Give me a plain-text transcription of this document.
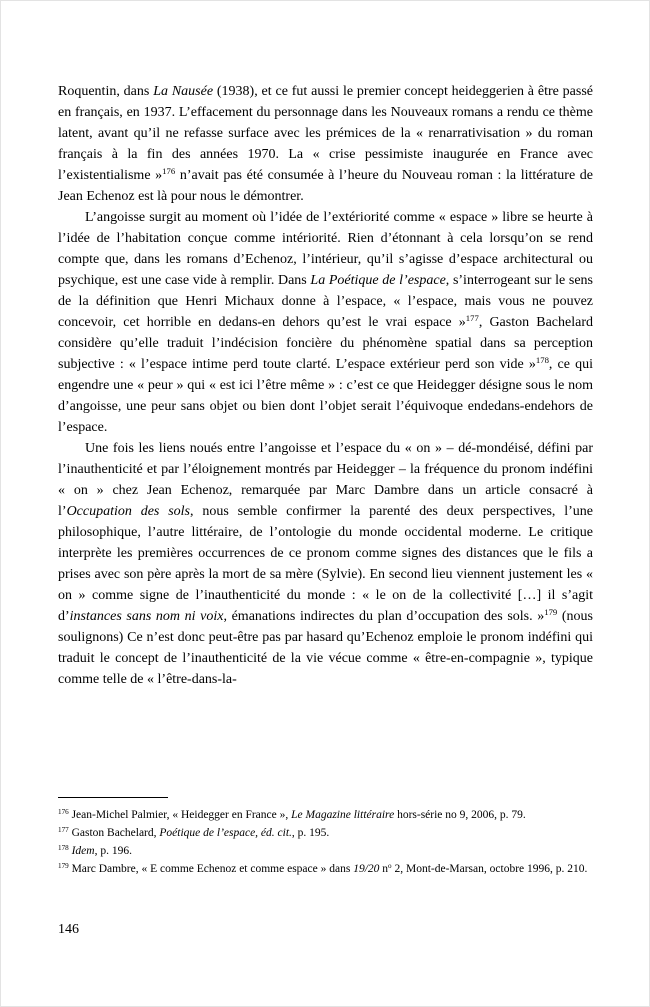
Roquentin, dans La Nausée (1938), et ce fut aussi le premier concept heideggerien à être passé en français, en 1937. L’effacement du personnage dans les Nouveaux romans a rendu ce thème latent, avant qu’il ne refasse surface avec les prémices de la « renarrativisation » du roman français à la fin des années 1970. La « crise pessimiste inaugurée en France avec l’existentialisme »$^{176}$ n’avait pas été consumée à l’heure du Nouveau roman : la littérature de Jean Echenoz est là pour nous le démontrer.

L’angoisse surgit au moment où l’idée de l’extériorité comme « espace » libre se heurte à l’idée de l’habitation conçue comme intériorité. Rien d’étonnant à cela lorsqu’on se rend compte que, dans les romans d’Echenoz, l’intérieur, qu’il s’agisse d’espace architectural ou psychique, est une case vide à remplir. Dans La Poétique de l’espace, s’interrogeant sur le sens de la définition que Henri Michaux donne à l’espace, « l’espace, mais vous ne pouvez concevoir, cet horrible en dedans-en dehors qu’est le vrai espace »$^{177}$, Gaston Bachelard considère qu’elle traduit l’indécision foncière du phénomène spatial dans sa perception subjective : « l’espace intime perd toute clarté. L’espace extérieur perd son vide »$^{178}$, ce qui engendre une « peur » qui « est ici l’être même » : c’est ce que Heidegger désigne sous le nom d’angoisse, une peur sans objet ou bien dont l’objet serait l’équivoque endedans-endehors de l’espace.

Une fois les liens noués entre l’angoisse et l’espace du « on » – dé-mondéisé, défini par l’inauthenticité et par l’éloignement montrés par Heidegger – la fréquence du pronom indéfini « on » chez Jean Echenoz, remarquée par Marc Dambre dans un article consacré à l’Occupation des sols, nous semble confirmer la parenté des deux perspectives, l’une philosophique, l’autre littéraire, de l’ontologie du monde occidental moderne. Le critique interprète les premières occurrences de ce pronom comme signes des distances que le fils a prises avec son père après la mort de sa mère (Sylvie). En second lieu viennent justement les « on » comme signe de l’inauthenticité du monde : « le on de la collectivité […] il s’agit d’instances sans nom ni voix, émanations indirectes du plan d’occupation des sols. »$^{179}$ (nous soulignons) Ce n’est donc peut-être pas par hasard qu’Echenoz emploie le pronom indéfini qui traduit le concept de l’inauthenticité de la vie vécue comme « être-en-compagnie », typique comme telle de « l’être-dans-la-

$^{176}$ Jean-Michel Palmier, « Heidegger en France », Le Magazine littéraire hors-série no 9, 2006, p. 79.

$^{177}$ Gaston Bachelard, Poétique de l’espace, éd. cit., p. 195.

$^{178}$ Idem, p. 196.

$^{179}$ Marc Dambre, « E comme Echenoz et comme espace » dans 19/20 $n^o$ 2, Mont-de-Marsan, octobre 1996, p. 210.

146
